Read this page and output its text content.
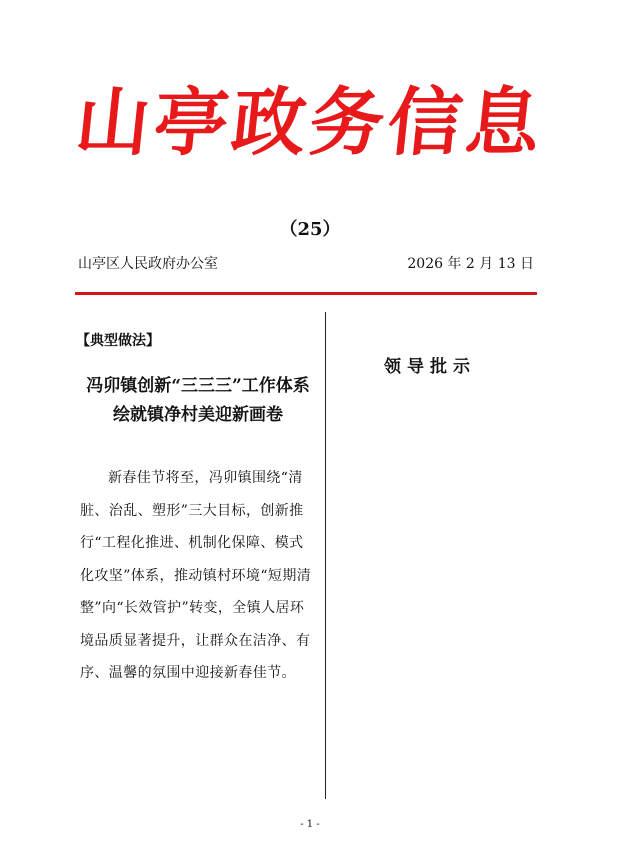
山亭政务信息
（25）
山亭区人民政府办公室	2026 年 2 月 13 日
【典型做法】
冯卯镇创新“三三三”工作体系
绘就镇净村美迎新画卷
新春佳节将至，冯卯镇围绕“清脏、治乱、塑形”三大目标，创新推行“工程化推进、机制化保障、模式化攻坚”体系，推动镇村环境“短期清整”向“长效管护”转变，全镇人居环境品质显著提升，让群众在洁净、有序、温馨的氛围中迎接新春佳节。
领导批示
- 1 -
